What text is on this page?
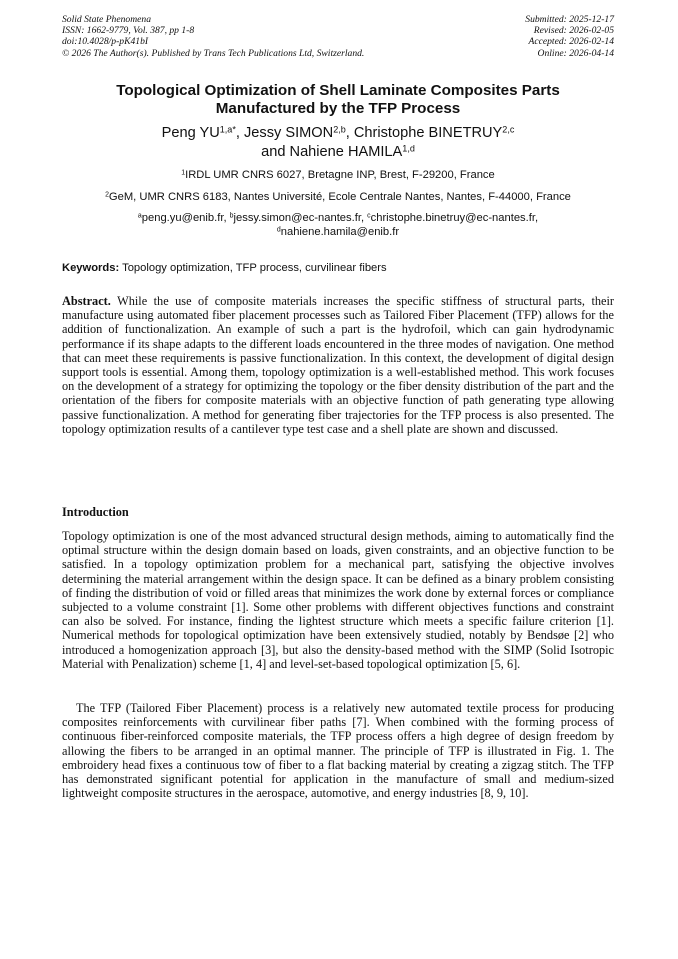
Solid State Phenomena
ISSN: 1662-9779, Vol. 387, pp 1-8
doi:10.4028/p-pK41bI
© 2026 The Author(s). Published by Trans Tech Publications Ltd, Switzerland.
Submitted: 2025-12-17
Revised: 2026-02-05
Accepted: 2026-02-14
Online: 2026-04-14
Topological Optimization of Shell Laminate Composites Parts
Manufactured by the TFP Process
Peng $YU^{1,a*}$, Jessy SIMON$^{2,b}$, Christophe BINETRUY$^{2,c}$
and Nahiene HAMILA$^{1,d}$
$^1$IRDL UMR CNRS 6027, Bretagne INP, Brest, F-29200, France
$^2$GeM, UMR CNRS 6183, Nantes Université, Ecole Centrale Nantes, Nantes, F-44000, France
$^a$peng.yu@enib.fr, $^b$jessy.simon@ec-nantes.fr, $^c$christophe.binetruy@ec-nantes.fr,
$^d$nahiene.hamila@enib.fr
Keywords: Topology optimization, TFP process, curvilinear fibers
Abstract. While the use of composite materials increases the specific stiffness of structural parts, their manufacture using automated fiber placement processes such as Tailored Fiber Placement (TFP) allows for the addition of functionalization. An example of such a part is the hydrofoil, which can gain hydrodynamic performance if its shape adapts to the different loads encountered in the three modes of navigation. One method that can meet these requirements is passive functionalization. In this context, the development of digital design support tools is essential. Among them, topology optimization is a well-established method. This work focuses on the development of a strategy for optimizing the topology or the fiber density distribution of the part and the orientation of the fibers for composite materials with an objective function of path generating type allowing passive functionalization. A method for generating fiber trajectories for the TFP process is also presented. The topology optimization results of a cantilever type test case and a shell plate are shown and discussed.
Introduction

Topology optimization is one of the most advanced structural design methods, aiming to automatically find the optimal structure within the design domain based on loads, given constraints, and an objective function to be satisfied. In a topology optimization problem for a mechanical part, satisfying the objective involves determining the material arrangement within the design space. It can be defined as a binary problem consisting of finding the distribution of void or filled areas that minimizes the work done by external forces or compliance subjected to a volume constraint [1]. Some other problems with different objectives functions and constraint can also be solved. For instance, finding the lightest structure which meets a specific failure criterion [1]. Numerical methods for topological optimization have been extensively studied, notably by Bendsøe [2] who introduced a homogenization approach [3], but also the density-based method with the SIMP (Solid Isotropic Material with Penalization) scheme [1, 4] and level-set-based topological optimization [5, 6].

The TFP (Tailored Fiber Placement) process is a relatively new automated textile process for producing composites reinforcements with curvilinear fiber paths [7]. When combined with the forming process of continuous fiber-reinforced composite materials, the TFP process offers a high degree of design freedom by allowing the fibers to be arranged in an optimal manner. The principle of TFP is illustrated in Fig. 1. The embroidery head fixes a continuous tow of fiber to a flat backing material by creating a zigzag stitch. The TFP has demonstrated significant potential for application in the manufacture of small and medium-sized lightweight composite structures in the aerospace, automotive, and energy industries [8, 9, 10].
